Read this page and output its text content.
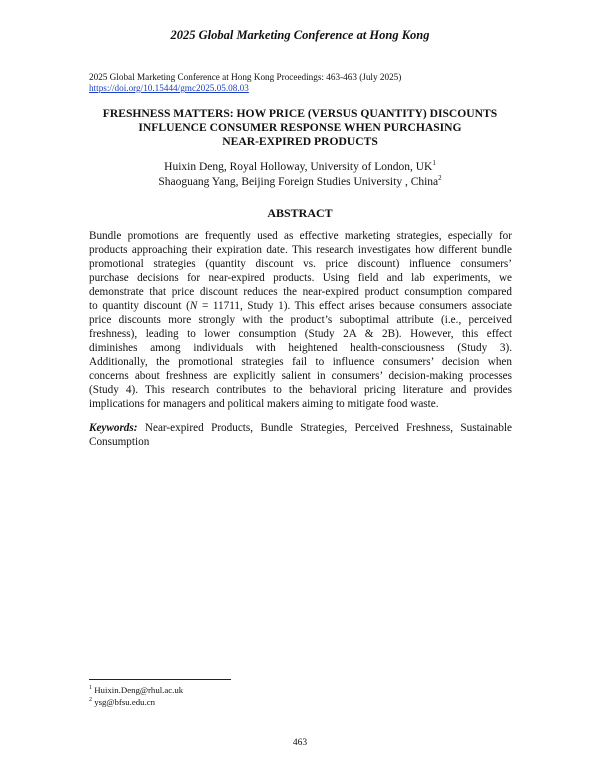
2025 Global Marketing Conference at Hong Kong
2025 Global Marketing Conference at Hong Kong Proceedings: 463-463 (July 2025)
https://doi.org/10.15444/gmc2025.05.08.03
FRESHNESS MATTERS: HOW PRICE (VERSUS QUANTITY) DISCOUNTS
INFLUENCE CONSUMER RESPONSE WHEN PURCHASING
NEAR-EXPIRED PRODUCTS
Huixin Deng, Royal Holloway, University of London, $UK^1$
Shaoguang Yang, Beijing Foreign Studies University , China$^2$
ABSTRACT
Bundle promotions are frequently used as effective marketing strategies, especially for
products approaching their expiration date. This research investigates how different bundle
promotional strategies (quantity discount vs. price discount) influence consumers’
purchase decisions for near-expired products. Using field and lab experiments, we
demonstrate that price discount reduces the near-expired product consumption compared
to quantity discount (N = 11711, Study 1). This effect arises because consumers associate
price discounts more strongly with the product’s suboptimal attribute (i.e., perceived
freshness), leading to lower consumption (Study 2A & 2B). However, this effect
diminishes among individuals with heightened health-consciousness (Study 3).
Additionally, the promotional strategies fail to influence consumers’ decision when
concerns about freshness are explicitly salient in consumers’ decision-making processes
(Study 4). This research contributes to the behavioral pricing literature and provides
implications for managers and political makers aiming to mitigate food waste.
Keywords: Near-expired Products, Bundle Strategies, Perceived Freshness, Sustainable
Consumption
$^1$ Huixin.Deng@rhul.ac.uk
$^2$ ysg@bfsu.edu.cn
463
